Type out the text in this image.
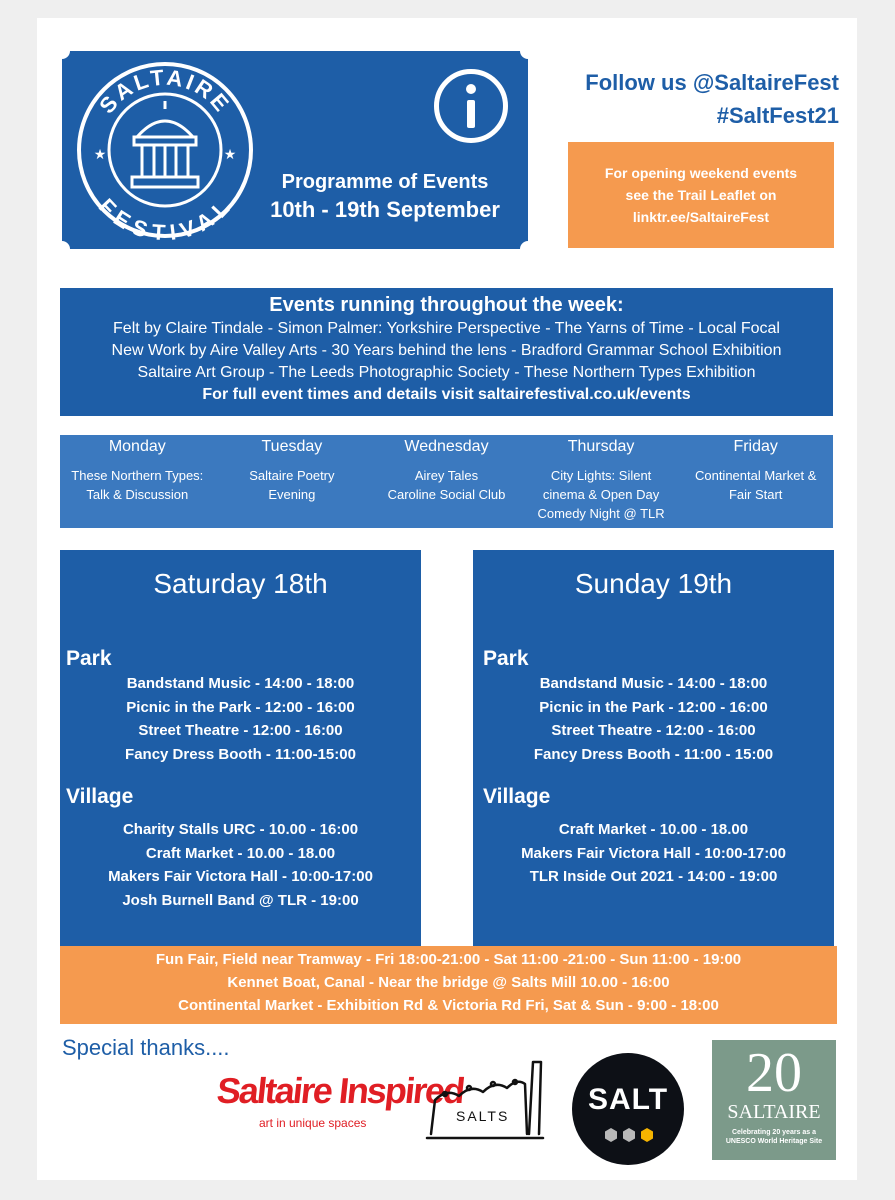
SALTAIRE
FESTIVAL
★	★
Programme of Events
10th - 19th September
Follow us @SaltaireFest
#SaltFest21
For opening weekend events
see the Trail Leaflet on
linktr.ee/SaltaireFest
Events running throughout the week:
Felt by Claire Tindale - Simon Palmer: Yorkshire Perspective - The Yarns of Time - Local Focal
New Work by Aire Valley Arts - 30 Years behind the lens - Bradford Grammar School Exhibition
Saltaire Art Group - The Leeds Photographic Society - These Northern Types Exhibition
For full event times and details visit saltairefestival.co.uk/events
Monday
These Northern Types:
Talk & Discussion
Tuesday
Saltaire Poetry
Evening
Wednesday
Airey Tales
Caroline Social Club
Thursday
City Lights: Silent
cinema & Open Day
Comedy Night @ TLR
Friday
Continental Market &
Fair Start
Saturday 18th
Park
Bandstand Music - 14:00 - 18:00
Picnic in the Park - 12:00 - 16:00
Street Theatre - 12:00 - 16:00
Fancy Dress Booth - 11:00-15:00
Village
Charity Stalls URC - 10.00 - 16:00
Craft Market - 10.00 - 18.00
Makers Fair Victora Hall - 10:00-17:00
Josh Burnell Band @ TLR - 19:00
Sunday 19th
Park
Bandstand Music - 14:00 - 18:00
Picnic in the Park - 12:00 - 16:00
Street Theatre - 12:00 - 16:00
Fancy Dress Booth - 11:00 - 15:00
Village
Craft Market - 10.00 - 18.00
Makers Fair Victora Hall - 10:00-17:00
TLR Inside Out 2021 - 14:00 - 19:00
Fun Fair, Field near Tramway - Fri 18:00-21:00 - Sat 11:00 -21:00 - Sun 11:00 - 19:00
Kennet Boat, Canal - Near the bridge @ Salts Mill 10.00 - 16:00
Continental Market - Exhibition Rd & Victoria Rd Fri, Sat & Sun - 9:00 - 18:00
Special thanks....
Saltaire Inspired
art in unique spaces	SALTS	SALT	20
SALTAIRE
Celebrating 20 years as a
UNESCO World Heritage Site
